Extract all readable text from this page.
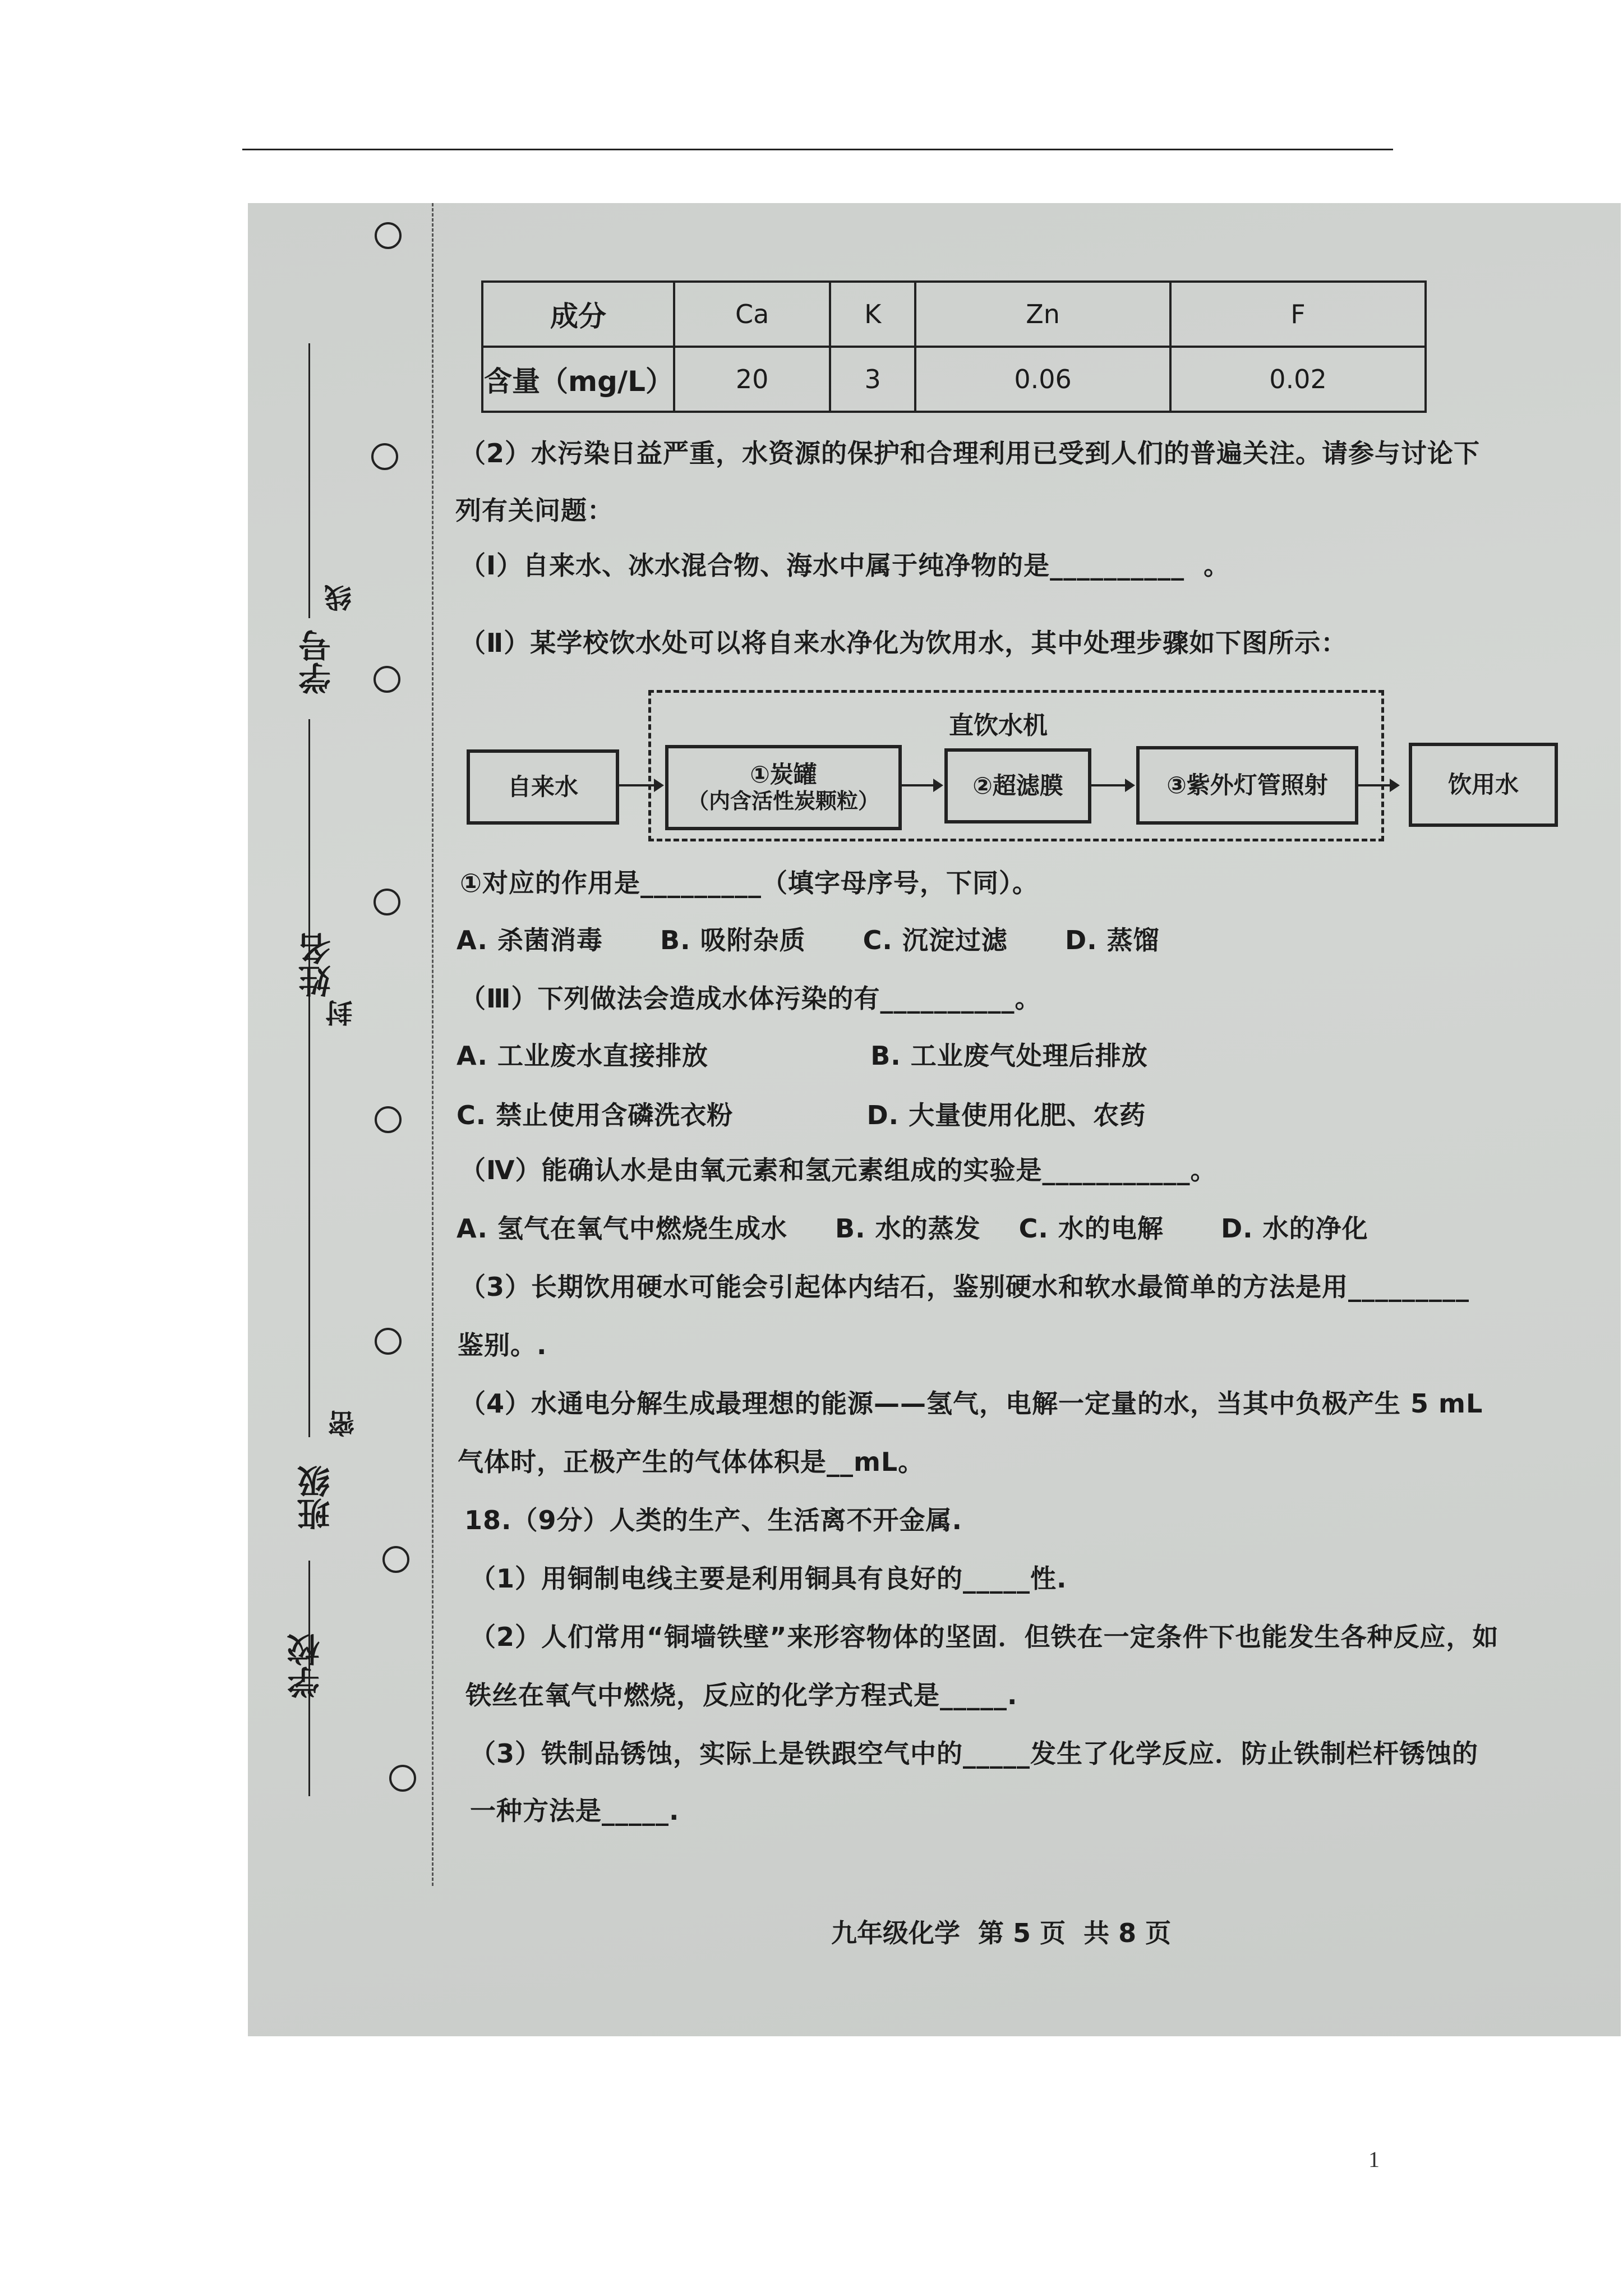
学号
姓名
班级
学校
线
封
密
成分	Ca	K	Zn	F
含量（mg/L）	20	3	0.06	0.02
（2）水污染日益严重，水资源的保护和合理利用已受到人们的普遍关注。请参与讨论下
列有关问题：
（Ⅰ）自来水、冰水混合物、海水中属于纯净物的是__________  。
（Ⅱ）某学校饮水处可以将自来水净化为饮用水，其中处理步骤如下图所示：
直饮水机
自来水	①炭罐
（内含活性炭颗粒）
②超滤膜	③紫外灯管照射	饮用水
①对应的作用是_________（填字母序号，下同）。
A. 杀菌消毒      B. 吸附杂质      C. 沉淀过滤      D. 蒸馏
（Ⅲ）下列做法会造成水体污染的有__________。
A. 工业废水直接排放                 B. 工业废气处理后排放
C. 禁止使用含磷洗衣粉              D. 大量使用化肥、农药
（Ⅳ）能确认水是由氧元素和氢元素组成的实验是___________。
A. 氢气在氧气中燃烧生成水     B. 水的蒸发    C. 水的电解      D. 水的净化
（3）长期饮用硬水可能会引起体内结石，鉴别硬水和软水最简单的方法是用_________
鉴别。.
（4）水通电分解生成最理想的能源——氢气，电解一定量的水，当其中负极产生 5 mL
气体时，正极产生的气体体积是__mL。
18.（9分）人类的生产、生活离不开金属.
（1）用铜制电线主要是利用铜具有良好的_____性.
（2）人们常用“铜墙铁壁”来形容物体的坚固．但铁在一定条件下也能发生各种反应，如
铁丝在氧气中燃烧，反应的化学方程式是_____.
（3）铁制品锈蚀，实际上是铁跟空气中的_____发生了化学反应．防止铁制栏杆锈蚀的
一种方法是_____.
九年级化学  第 5 页  共 8 页
1
